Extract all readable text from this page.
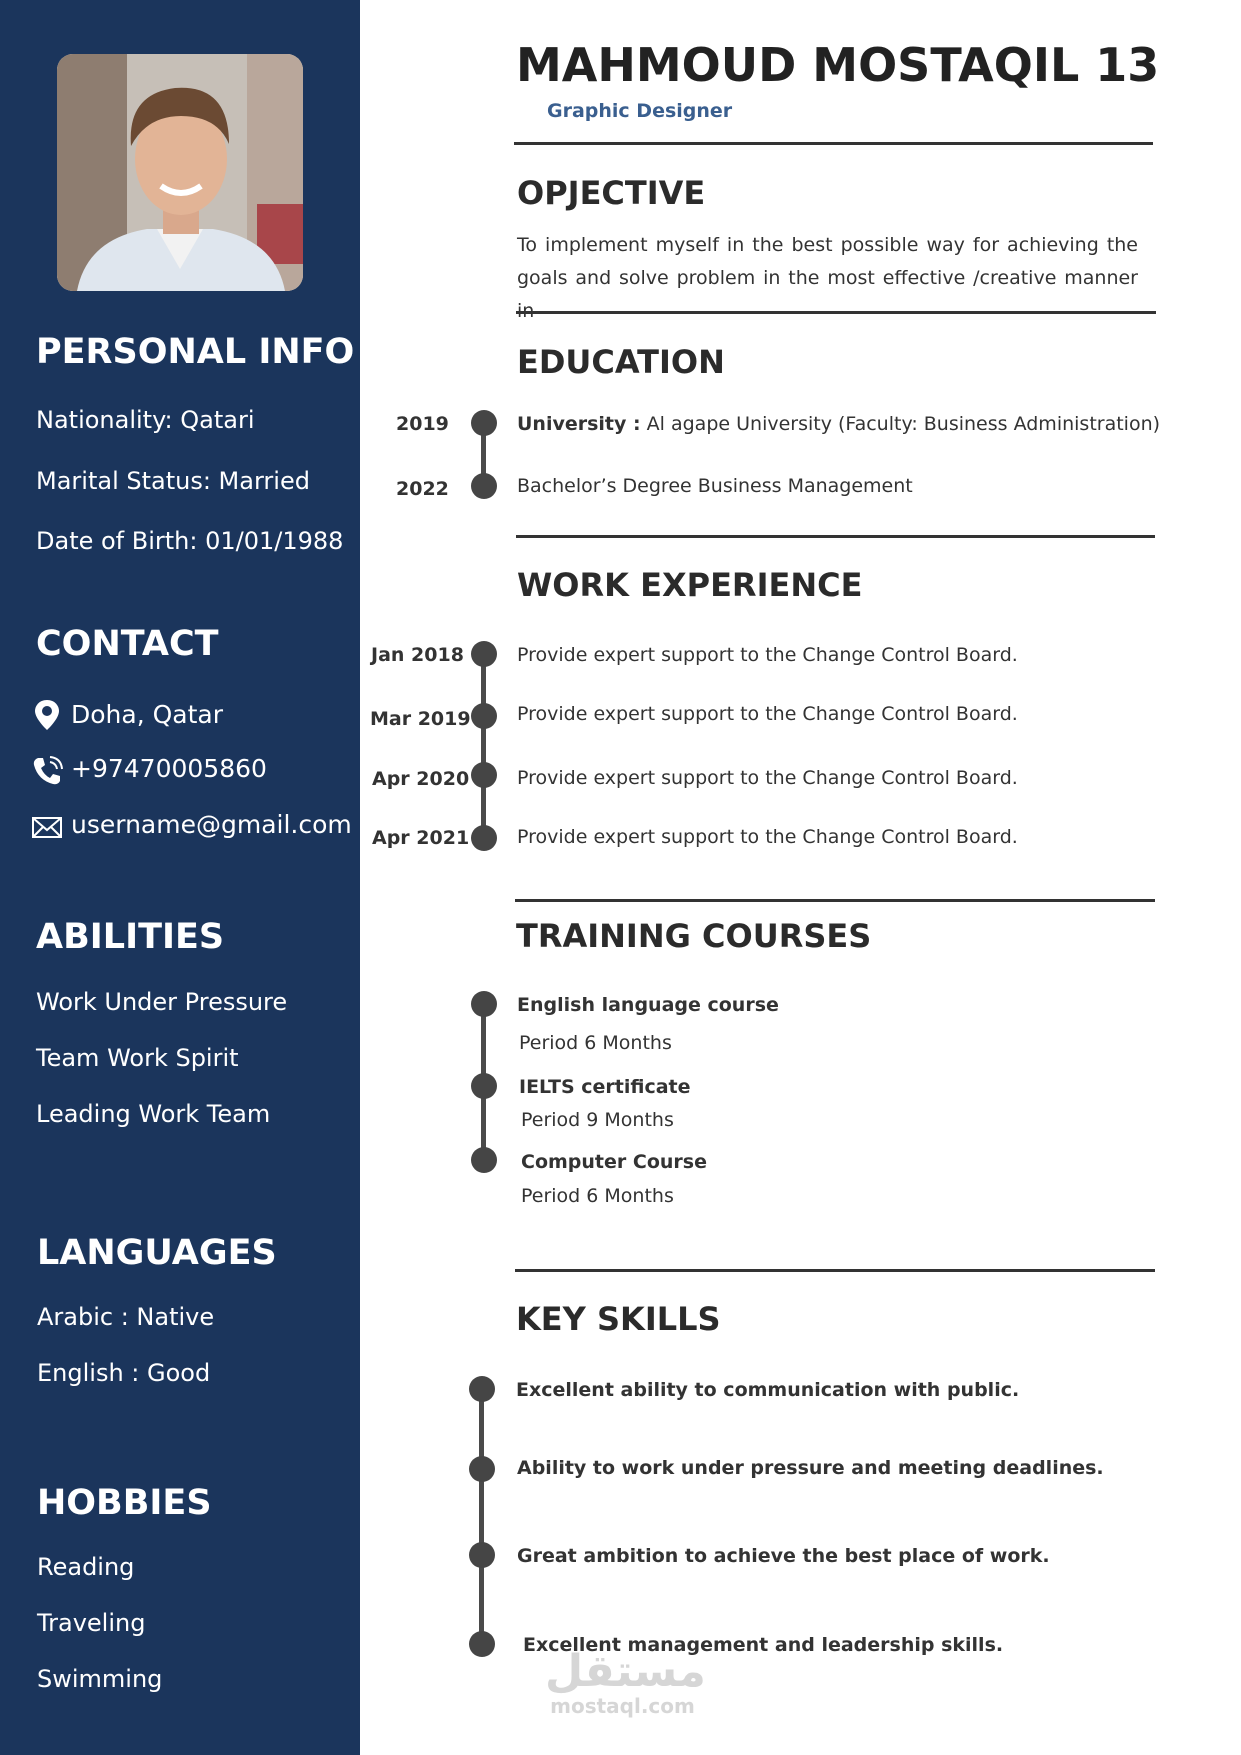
PERSONAL INFO
Nationality: Qatari
Marital Status: Married
Date of Birth: 01/01/1988
CONTACT
Doha, Qatar
+97470005860
username@gmail.com
ABILITIES
Work Under Pressure
Team Work Spirit
Leading Work Team
LANGUAGES
Arabic : Native
English : Good
HOBBIES
Reading
Traveling
Swimming
MAHMOUD MOSTAQIL 13
Graphic Designer
OPJECTIVE

To implement myself in the best possible way for achieving the goals and solve problem in the most effective /creative manner

EDUCATION
2019
2022
University : Al agape University (Faculty: Business Administration)
Bachelor’s Degree Business Management
WORK EXPERIENCE
Jan 2018
Mar 2019
Apr 2020
Apr 2021
Provide expert support to the Change Control Board.
Provide expert support to the Change Control Board.
Provide expert support to the Change Control Board.
Provide expert support to the Change Control Board.
TRAINING COURSES
English language course
Period 6 Months
IELTS certificate
Period 9 Months
Computer Course
Period 6 Months
KEY SKILLS
Excellent ability to communication with public.
Ability to work under pressure and meeting deadlines.
Great ambition to achieve the best place of work.
Excellent management and leadership skills.
مستقل
mostaql.com
